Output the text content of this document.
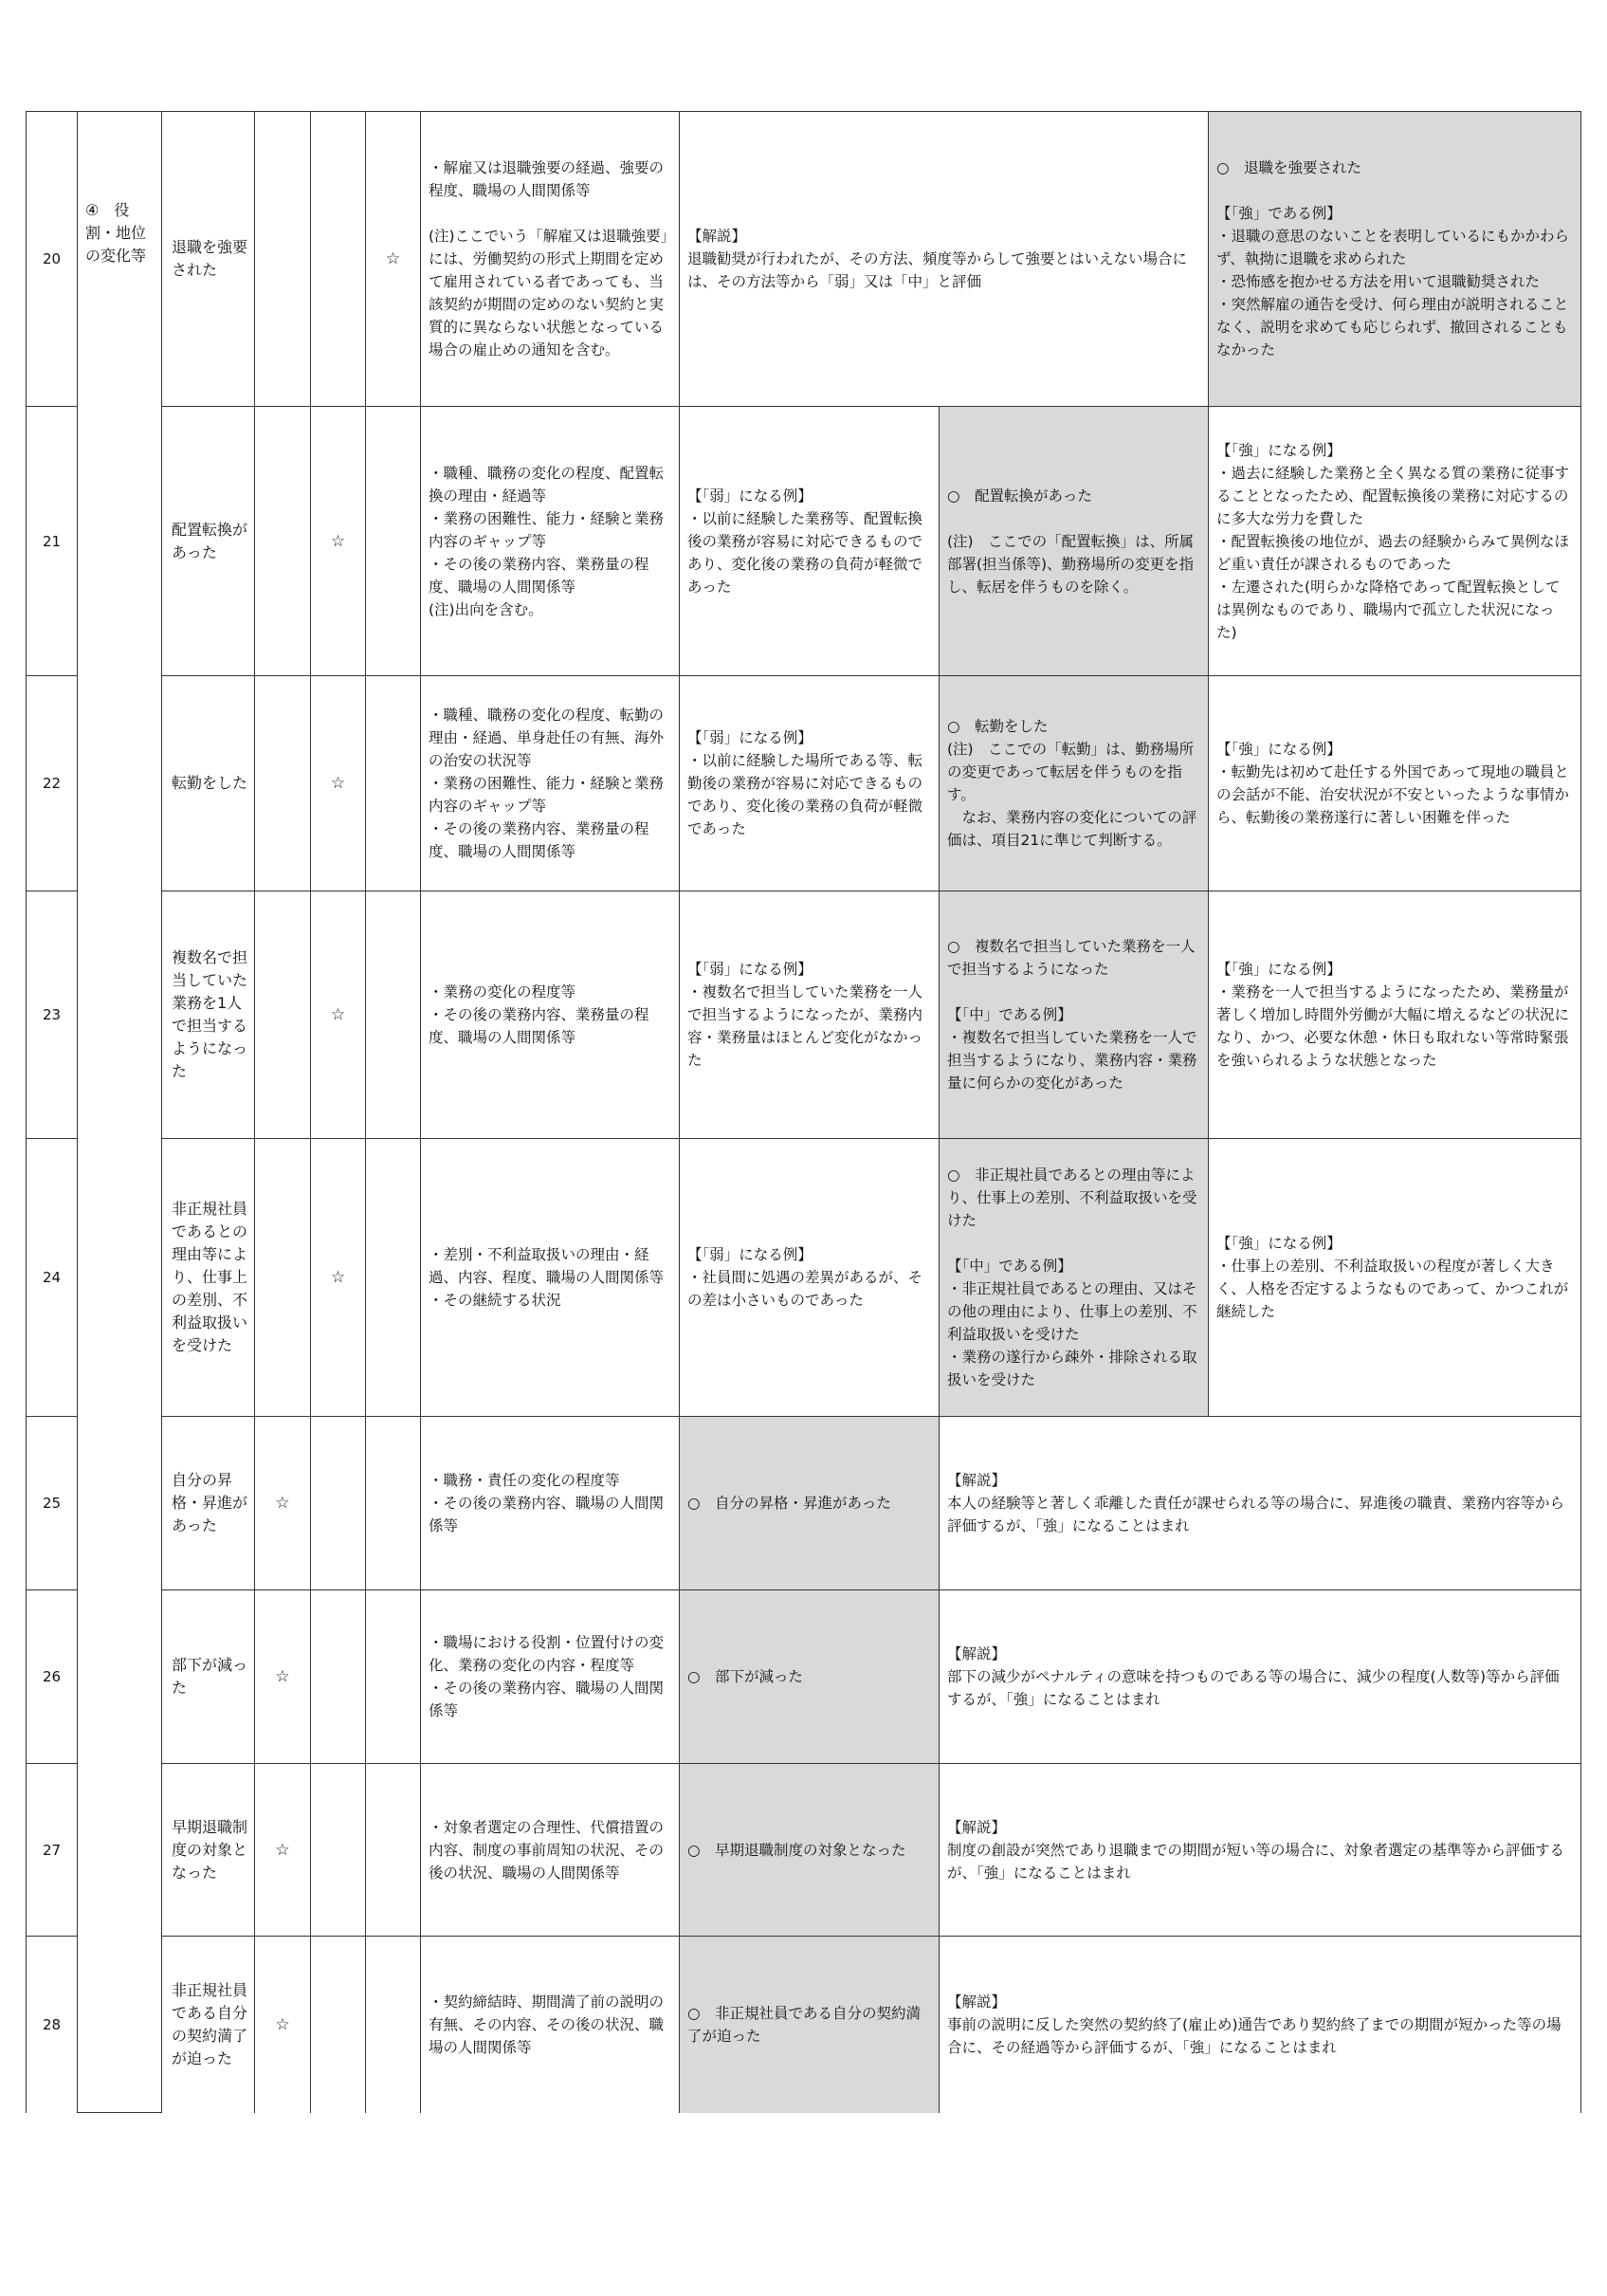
20	④　役割・地位の変化等	退職を強要された			☆	・解雇又は退職強要の経過、強要の程度、職場の人間関係等

(注)ここでいう「解雇又は退職強要」には、労働契約の形式上期間を定めて雇用されている者であっても、当該契約が期間の定めのない契約と実質的に異ならない状態となっている場合の雇止めの通知を含む。	【解説】
退職勧奨が行われたが、その方法、頻度等からして強要とはいえない場合には、その方法等から「弱」又は「中」と評価		○　退職を強要された

【「強」である例】
・退職の意思のないことを表明しているにもかかわらず、執拗に退職を求められた
・恐怖感を抱かせる方法を用いて退職勧奨された
・突然解雇の通告を受け、何ら理由が説明されることなく、説明を求めても応じられず、撤回されることもなかった
21		配置転換があった		☆		・職種、職務の変化の程度、配置転換の理由・経過等
・業務の困難性、能力・経験と業務内容のギャップ等
・その後の業務内容、業務量の程度、職場の人間関係等
(注)出向を含む。	【「弱」になる例】
・以前に経験した業務等、配置転換後の業務が容易に対応できるものであり、変化後の業務の負荷が軽微であった	○　配置転換があった

(注)　ここでの「配置転換」は、所属部署(担当係等)、勤務場所の変更を指し、転居を伴うものを除く。	【「強」になる例】
・過去に経験した業務と全く異なる質の業務に従事することとなったため、配置転換後の業務に対応するのに多大な労力を費した
・配置転換後の地位が、過去の経験からみて異例なほど重い責任が課されるものであった
・左遷された(明らかな降格であって配置転換としては異例なものであり、職場内で孤立した状況になった)
22		転勤をした		☆		・職種、職務の変化の程度、転勤の理由・経過、単身赴任の有無、海外の治安の状況等
・業務の困難性、能力・経験と業務内容のギャップ等
・その後の業務内容、業務量の程度、職場の人間関係等	【「弱」になる例】
・以前に経験した場所である等、転勤後の業務が容易に対応できるものであり、変化後の業務の負荷が軽微であった	○　転勤をした
(注)　ここでの「転勤」は、勤務場所の変更であって転居を伴うものを指す。
　なお、業務内容の変化についての評価は、項目21に準じて判断する。	【「強」になる例】
・転勤先は初めて赴任する外国であって現地の職員との会話が不能、治安状況が不安といったような事情から、転勤後の業務遂行に著しい困難を伴った
23		複数名で担当していた業務を1人で担当するようになった		☆		・業務の変化の程度等
・その後の業務内容、業務量の程度、職場の人間関係等	【「弱」になる例】
・複数名で担当していた業務を一人で担当するようになったが、業務内容・業務量はほとんど変化がなかった	○　複数名で担当していた業務を一人で担当するようになった

【「中」である例】
・複数名で担当していた業務を一人で担当するようになり、業務内容・業務量に何らかの変化があった	【「強」になる例】
・業務を一人で担当するようになったため、業務量が著しく増加し時間外労働が大幅に増えるなどの状況になり、かつ、必要な休憩・休日も取れない等常時緊張を強いられるような状態となった
24		非正規社員であるとの理由等により、仕事上の差別、不利益取扱いを受けた		☆		・差別・不利益取扱いの理由・経過、内容、程度、職場の人間関係等
・その継続する状況	【「弱」になる例】
・社員間に処遇の差異があるが、その差は小さいものであった	○　非正規社員であるとの理由等により、仕事上の差別、不利益取扱いを受けた

【「中」である例】
・非正規社員であるとの理由、又はその他の理由により、仕事上の差別、不利益取扱いを受けた
・業務の遂行から疎外・排除される取扱いを受けた	【「強」になる例】
・仕事上の差別、不利益取扱いの程度が著しく大きく、人格を否定するようなものであって、かつこれが継続した
25		自分の昇格・昇進があった	☆			・職務・責任の変化の程度等
・その後の業務内容、職場の人間関係等	○　自分の昇格・昇進があった	【解説】
本人の経験等と著しく乖離した責任が課せられる等の場合に、昇進後の職責、業務内容等から評価するが、「強」になることはまれ	
26		部下が減った	☆			・職場における役割・位置付けの変化、業務の変化の内容・程度等
・その後の業務内容、職場の人間関係等	○　部下が減った	【解説】
部下の減少がペナルティの意味を持つものである等の場合に、減少の程度(人数等)等から評価するが、「強」になることはまれ	
27		早期退職制度の対象となった	☆			・対象者選定の合理性、代償措置の内容、制度の事前周知の状況、その後の状況、職場の人間関係等	○　早期退職制度の対象となった	【解説】
制度の創設が突然であり退職までの期間が短い等の場合に、対象者選定の基準等から評価するが、「強」になることはまれ	
28		非正規社員である自分の契約満了が迫った	☆			・契約締結時、期間満了前の説明の有無、その内容、その後の状況、職場の人間関係等	○　非正規社員である自分の契約満了が迫った	【解説】
事前の説明に反した突然の契約終了(雇止め)通告であり契約終了までの期間が短かった等の場合に、その経過等から評価するが、「強」になることはまれ	
